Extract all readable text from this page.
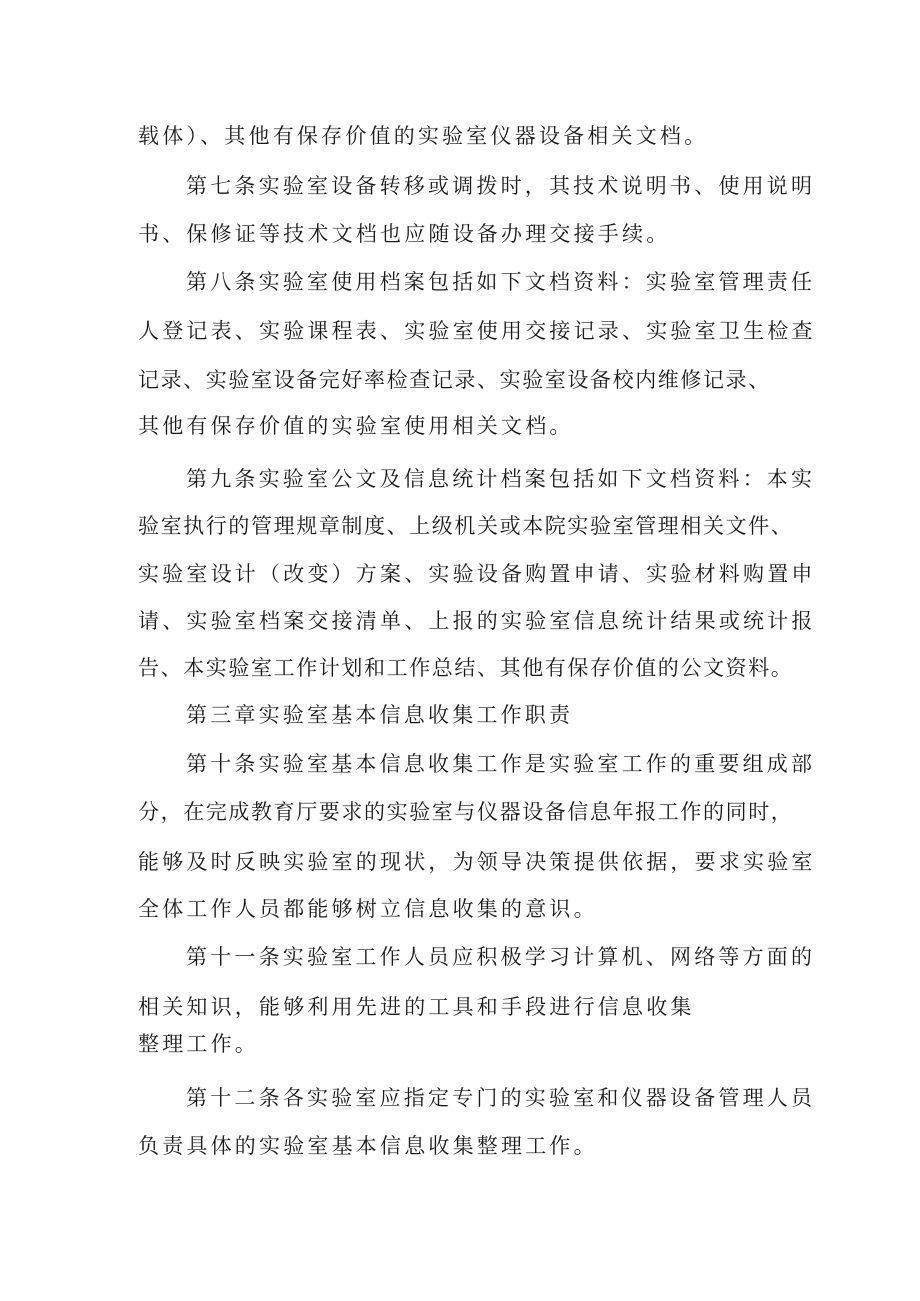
载体）、其他有保存价值的实验室仪器设备相关文档。
第七条实验室设备转移或调拨时，其技术说明书、使用说明
书、保修证等技术文档也应随设备办理交接手续。
第八条实验室使用档案包括如下文档资料：实验室管理责任
人登记表、实验课程表、实验室使用交接记录、实验室卫生检查
记录、实验室设备完好率检查记录、实验室设备校内维修记录、
其他有保存价值的实验室使用相关文档。
第九条实验室公文及信息统计档案包括如下文档资料：本实
验室执行的管理规章制度、上级机关或本院实验室管理相关文件、
实验室设计（改变）方案、实验设备购置申请、实验材料购置申
请、实验室档案交接清单、上报的实验室信息统计结果或统计报
告、本实验室工作计划和工作总结、其他有保存价值的公文资料。
第三章实验室基本信息收集工作职责
第十条实验室基本信息收集工作是实验室工作的重要组成部
分，在完成教育厅要求的实验室与仪器设备信息年报工作的同时，
能够及时反映实验室的现状，为领导决策提供依据，要求实验室
全体工作人员都能够树立信息收集的意识。
第十一条实验室工作人员应积极学习计算机、网络等方面的
相关知识，能够利用先进的工具和手段进行信息收集
整理工作。
第十二条各实验室应指定专门的实验室和仪器设备管理人员
负责具体的实验室基本信息收集整理工作。
